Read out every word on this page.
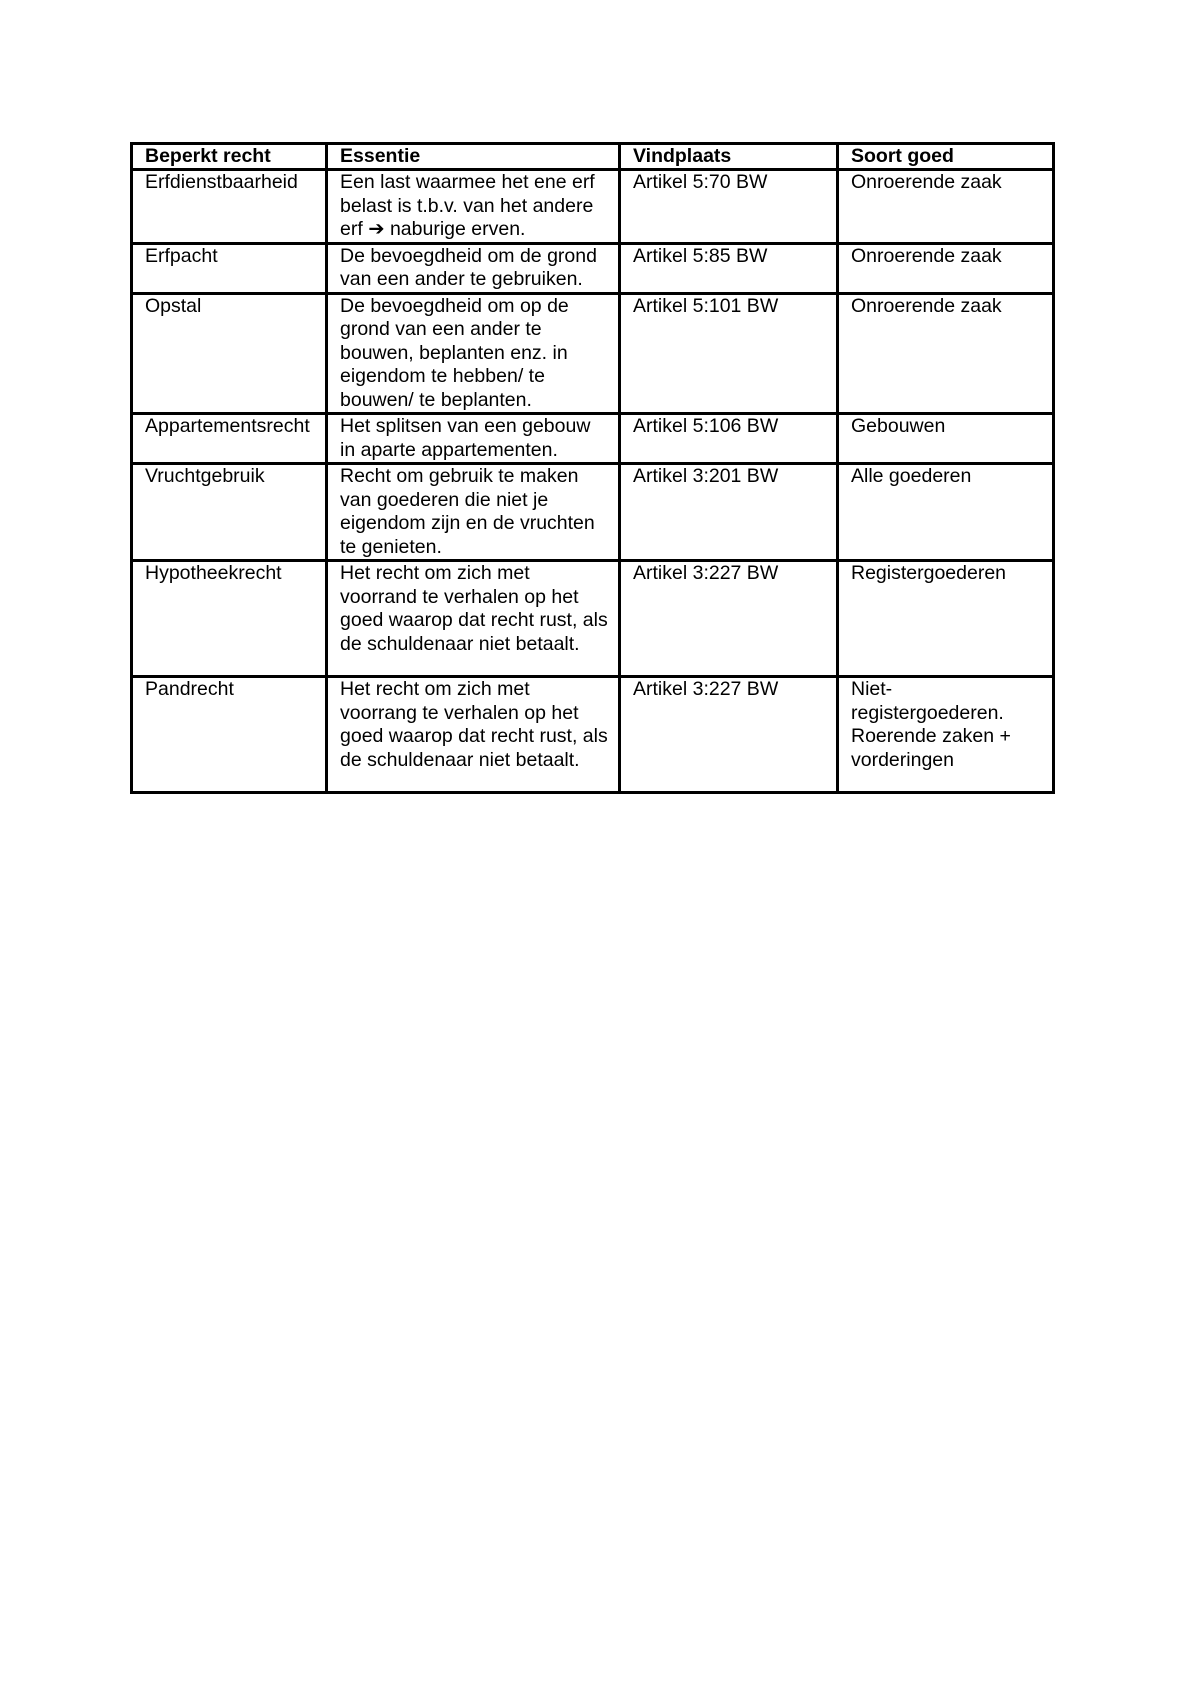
Beperkt recht	Essentie	Vindplaats	Soort goed
Erfdienstbaarheid	Een last waarmee het ene erf belast is t.b.v. van het andere erf ➔ naburige erven.	Artikel 5:70 BW	Onroerende zaak
Erfpacht	De bevoegdheid om de grond van een ander te gebruiken.	Artikel 5:85 BW	Onroerende zaak
Opstal	De bevoegdheid om op de grond van een ander te bouwen, beplanten enz. in eigendom te hebben/ te bouwen/ te beplanten.	Artikel 5:101 BW	Onroerende zaak
Appartementsrecht	Het splitsen van een gebouw in aparte appartementen.	Artikel 5:106 BW	Gebouwen
Vruchtgebruik	Recht om gebruik te maken van goederen die niet je eigendom zijn en de vruchten te genieten.	Artikel 3:201 BW	Alle goederen
Hypotheekrecht	Het recht om zich met voorrand te verhalen op het goed waarop dat recht rust, als de schuldenaar niet betaalt.	Artikel 3:227 BW	Registergoederen
Pandrecht	Het recht om zich met voorrang te verhalen op het goed waarop dat recht rust, als de schuldenaar niet betaalt.	Artikel 3:227 BW	Niet-registergoederen. Roerende zaken + vorderingen
